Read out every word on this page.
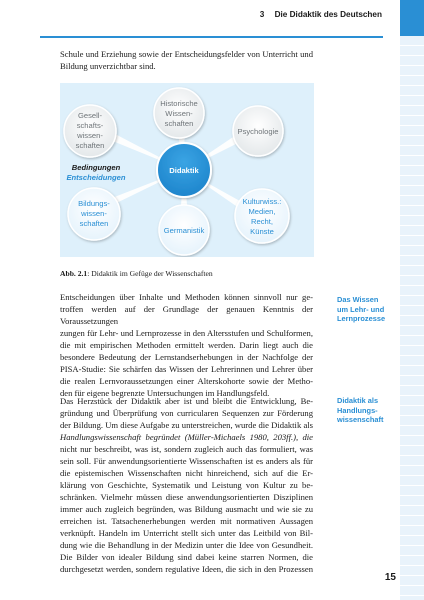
3 Die Didaktik des Deutschen
Schule und Erziehung sowie der Entscheidungsfelder von Unterricht und
Bildung unverzichtbar sind.
Gesell-
schafts-
wissen-
schaften
Historische
Wissen-
schaften
Psychologie
Bildungs-
wissen-
schaften
Germanistik
Kulturwiss.:
Medien,
Recht,
Künste
Didaktik
Bedingungen
Entscheidungen
Abb. 2.1: Didaktik im Gefüge der Wissenschaften
Entscheidungen über Inhalte und Methoden können sinnvoll nur ge-
troffen werden auf der Grundlage der genauen Kenntnis der Voraussetzungen
zungen für Lehr- und Lernprozesse in den Altersstufen und Schulformen,
die mit empirischen Methoden ermittelt werden. Darin liegt auch die
besondere Bedeutung der Lernstandserhebungen in der Nachfolge der
PISA-Studie: Sie schärfen das Wissen der Lehrerinnen und Lehrer über
die realen Lernvoraussetzungen einer Alterskohorte sowie der Metho-
den für eigene begrenzte Untersuchungen im Handlungsfeld.
Das Wissen
um Lehr- und
Lernprozesse
Das Herzstück der Didaktik aber ist und bleibt die Entwicklung, Be-
gründung und Überprüfung von curricularen Sequenzen zur Förderung
der Bildung. Um diese Aufgabe zu unterstreichen, wurde die Didaktik als
Handlungswissenschaft begründet (Müller-Michaels 1980, 203ff.), die
nicht nur beschreibt, was ist, sondern zugleich auch das formuliert, was
sein soll. Für anwendungsorientierte Wissenschaften ist es anders als für
die epistemischen Wissenschaften nicht hinreichend, sich auf die Er-
klärung von Geschichte, Systematik und Leistung von Kultur zu be-
schränken. Vielmehr müssen diese anwendungsorientierten Disziplinen
immer auch zugleich begründen, was Bildung ausmacht und wie sie zu
erreichen ist. Tatsachenerhebungen werden mit normativen Aussagen
verknüpft. Handeln im Unterricht stellt sich unter das Leitbild von Bil-
dung wie die Behandlung in der Medizin unter die Idee von Gesundheit.
Die Bilder von idealer Bildung sind dabei keine starren Normen, die
durchgesetzt werden, sondern regulative Ideen, die sich in den Prozessen
Didaktik als
Handlungs-
wissenschaft
15
